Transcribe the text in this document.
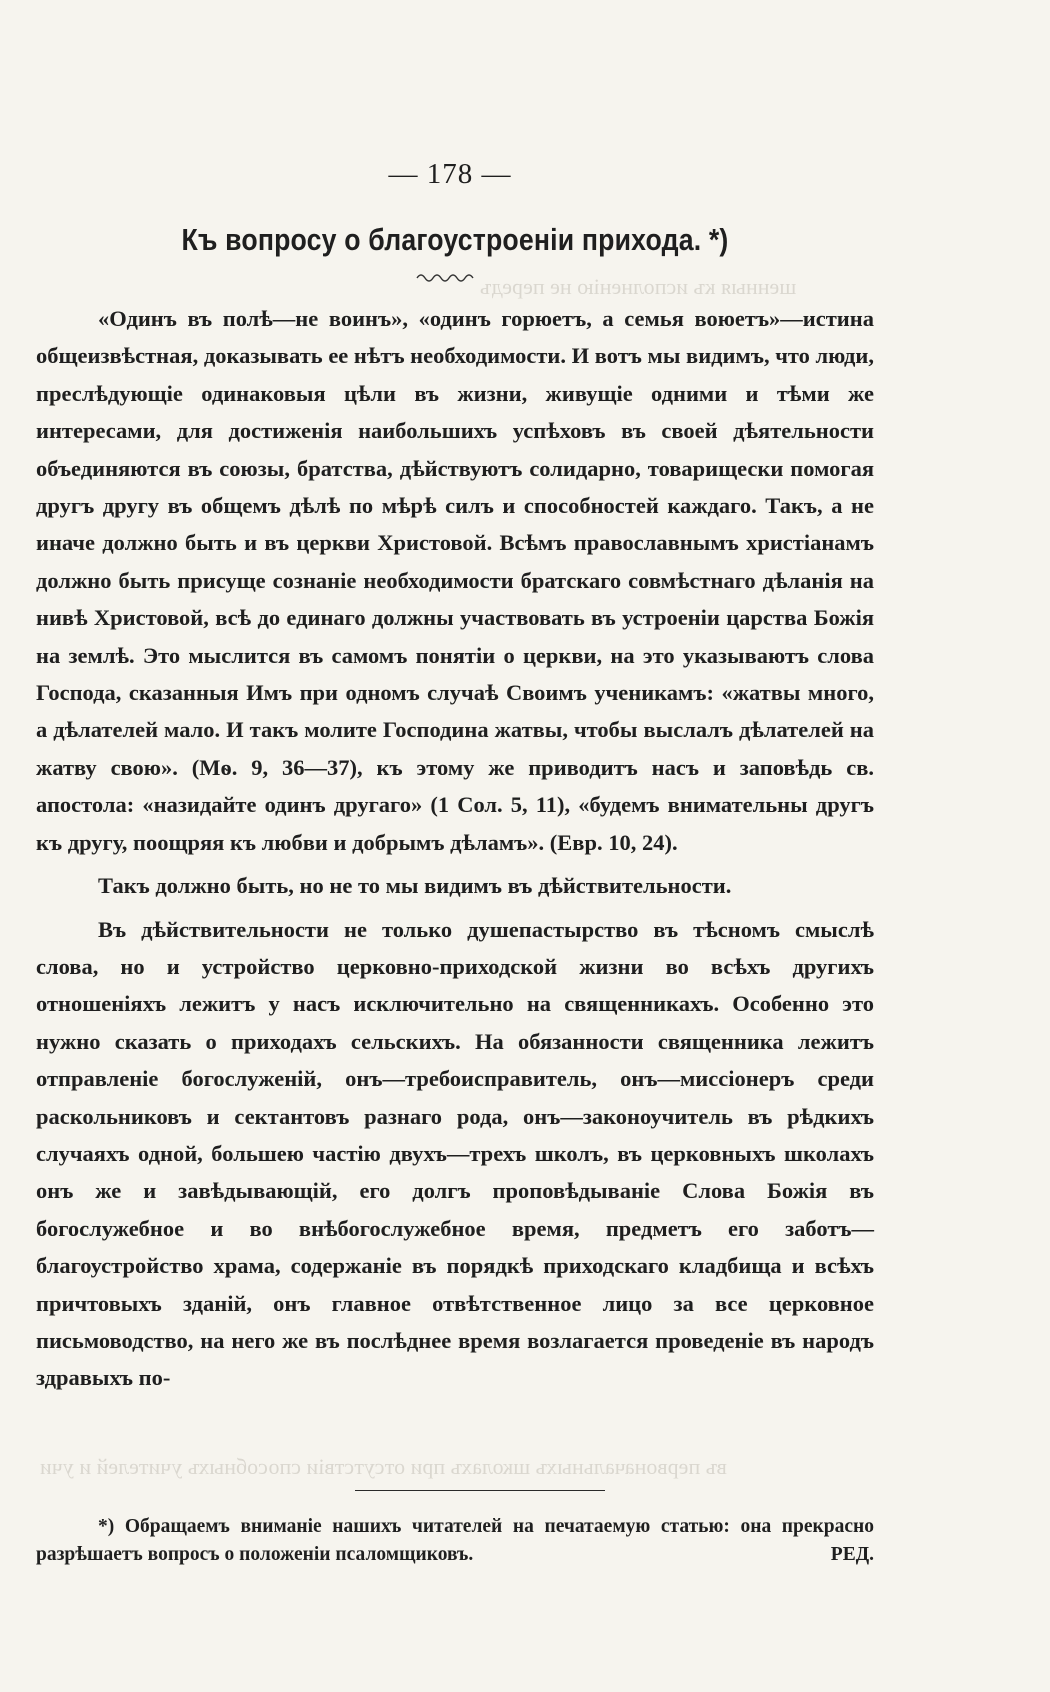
— 178 —
Къ вопросу о благоустроеніи прихода. *)
шенныя къ исполненію не передъ
въ первоначальныхъ школахъ при отсутствіи способныхъ учителей и учи

«Одинъ въ полѣ—не воинъ», «одинъ горюетъ, а семья воюетъ»—истина общеизвѣстная, доказывать ее нѣтъ необходимости. И вотъ мы видимъ, что люди, преслѣдующіе одинаковыя цѣли въ жизни, живущіе одними и тѣми же интересами, для достиженія наибольшихъ успѣховъ въ своей дѣятельности объединяются въ союзы, братства, дѣйствуютъ солидарно, товарищески помогая другъ другу въ общемъ дѣлѣ по мѣрѣ силъ и способностей каждаго. Такъ, а не иначе должно быть и въ церкви Христовой. Всѣмъ православнымъ христіанамъ должно быть присуще сознаніе необходимости братскаго совмѣстнаго дѣланія на нивѣ Христовой, всѣ до единаго должны участвовать въ устроеніи царства Божія на землѣ. Это мыслится въ самомъ понятіи о церкви, на это указываютъ слова Господа, сказанныя Имъ при одномъ случаѣ Своимъ ученикамъ: «жатвы много, а дѣлателей мало. И такъ молите Господина жатвы, чтобы выслалъ дѣлателей на жатву свою». (Мѳ. 9, 36—37), къ этому же приводитъ насъ и заповѣдь св. апостола: «назидайте одинъ другаго» (1 Сол. 5, 11), «будемъ внимательны другъ къ другу, поощряя къ любви и добрымъ дѣламъ». (Евр. 10, 24).

Такъ должно быть, но не то мы видимъ въ дѣйствительности.

Въ дѣйствительности не только душепастырство въ тѣсномъ смыслѣ слова, но и устройство церковно-приходской жизни во всѣхъ другихъ отношеніяхъ лежитъ у насъ исключительно на священникахъ. Особенно это нужно сказать о приходахъ сельскихъ. На обязанности священника лежитъ отправленіе богослуженій, онъ—требоисправитель, онъ—миссіонеръ среди раскольниковъ и сектантовъ разнаго рода, онъ—законоучитель въ рѣдкихъ случаяхъ одной, большею частію двухъ—трехъ школъ, въ церковныхъ школахъ онъ же и завѣдывающій, его долгъ проповѣдываніе Слова Божія въ богослужебное и во внѣбогослужебное время, предметъ его заботъ—благоустройство храма, содержаніе въ порядкѣ приходскаго кладбища и всѣхъ причтовыхъ зданій, онъ главное отвѣтственное лицо за все церковное письмоводство, на него же въ послѣднее время возлагается проведеніе въ народъ здравыхъ по-

*) Обращаемъ вниманіе нашихъ читателей на печатаемую статью: она прекрасно разрѣшаетъ вопросъ о положеніи псаломщиковъ.	РЕД.
